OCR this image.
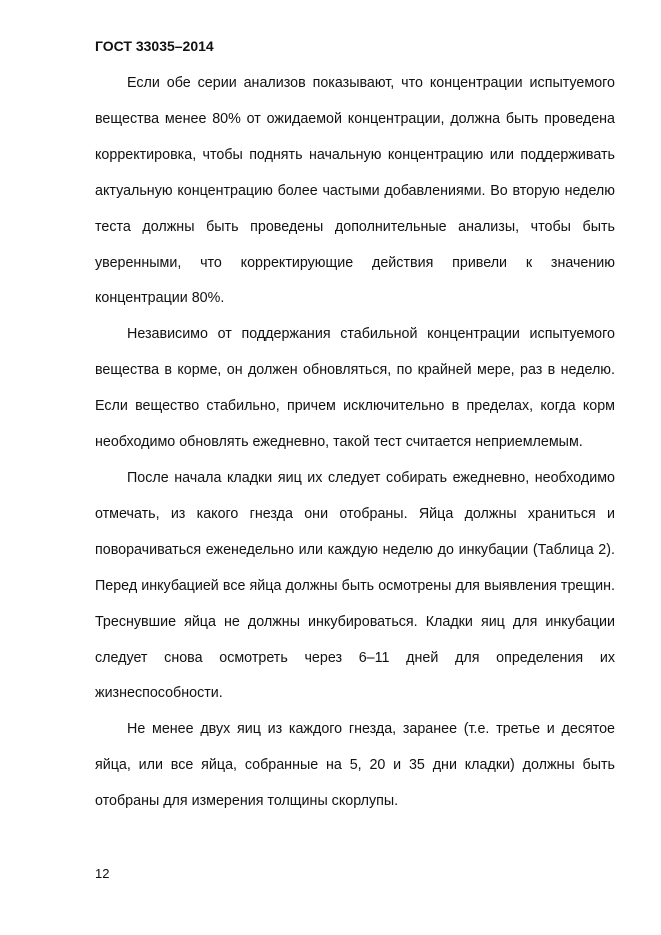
ГОСТ 33035–2014

Если обе серии анализов показывают, что концентрации испытуемого вещества менее 80% от ожидаемой концентрации, должна быть проведена корректировка, чтобы поднять начальную концентрацию или поддерживать актуальную концентрацию более частыми добавлениями. Во вторую неделю теста должны быть проведены дополнительные анализы, чтобы быть уверенными, что корректирующие действия привели к значению концентрации 80%.

Независимо от поддержания стабильной концентрации испытуемого вещества в корме, он должен обновляться, по крайней мере, раз в неделю. Если вещество стабильно, причем исключительно в пределах, когда корм необходимо обновлять ежедневно, такой тест считается неприемлемым.

После начала кладки яиц их следует собирать ежедневно, необходимо отмечать, из какого гнезда они отобраны. Яйца должны храниться и поворачиваться еженедельно или каждую неделю до инкубации (Таблица 2). Перед инкубацией все яйца должны быть осмотрены для выявления трещин. Треснувшие яйца не должны инкубироваться. Кладки яиц для инкубации следует снова осмотреть через 6–11 дней для определения их жизнеспособности.

Не менее двух яиц из каждого гнезда, заранее (т.е. третье и десятое яйца, или все яйца, собранные на 5, 20 и 35 дни кладки) должны быть отобраны для измерения толщины скорлупы.

12
